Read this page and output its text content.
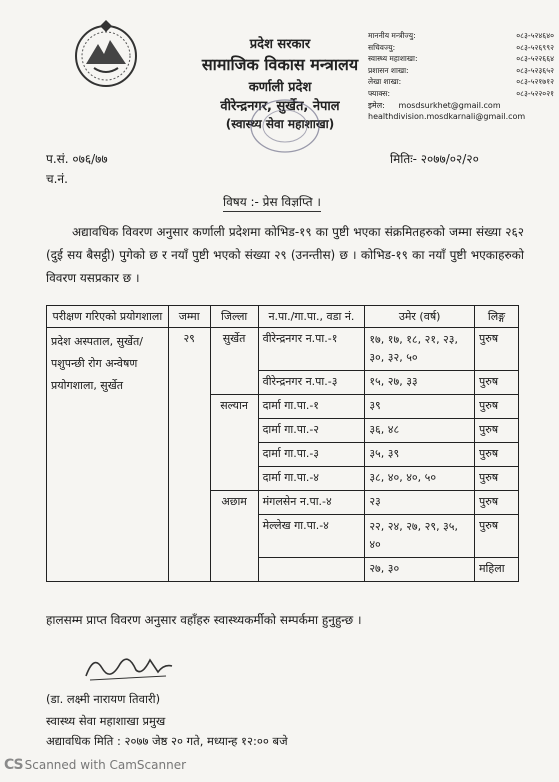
प्रदेश सरकार
सामाजिक विकास मन्त्रालय
कर्णाली प्रदेश
वीरेन्द्रनगर, सुर्खेत, नेपाल
(स्वास्थ्य सेवा महाशाखा)
माननीय मन्त्रीज्यु:	०८३-५२४६४०
सचिवज्यु:	०८३-५२६९९२
स्वास्थ्य महाशाखा:	०८३-५२२६६४
प्रशासन शाखा:	०८३-५२३६५२
लेखा शाखा:	०८३-५२१७१२
फ्याक्स:	०८३-५२२०२१
इमेल: mosdsurkhet@gmail.com
healthdivision.mosdkarnali@gmail.com
प.सं. ०७६/७७
च.नं.
मितिः- २०७७/०२/२०
विषय :- प्रेस विज्ञप्ति ।
अद्यावधिक विवरण अनुसार कर्णाली प्रदेशमा कोभिड-१९ का पुष्टी भएका संक्रमितहरुको जम्मा संख्या २६२ (दुई सय बैसट्ठी) पुगेको छ र नयाँ पुष्टी भएको संख्या २९ (उनन्तीस) छ । कोभिड-१९ का नयाँ पुष्टी भएकाहरुको विवरण यसप्रकार छ ।
परीक्षण गरिएको प्रयोगशाला	जम्मा	जिल्ला	न.पा./गा.पा., वडा नं.	उमेर (वर्ष)	लिङ्ग
प्रदेश अस्पताल, सुर्खेत/ पशुपन्छी रोग अन्वेषण प्रयोगशाला, सुर्खेत	२९	सुर्खेत	वीरेन्द्रनगर न.पा.-१	१७, १७, १८, २१, २३, ३०, ३२, ५०	पुरुष
			वीरेन्द्रनगर न.पा.-३	१५, २७, ३३	पुरुष
		सल्यान	दार्मा गा.पा.-१	३९	पुरुष
			दार्मा गा.पा.-२	३६, ४८	पुरुष
			दार्मा गा.पा.-३	३५, ३९	पुरुष
			दार्मा गा.पा.-४	३८, ४०, ४०, ५०	पुरुष
		अछाम	मंगलसेन न.पा.-४	२३	पुरुष
			मेल्लेख गा.पा.-४	२२, २४, २७, २९, ३५, ४०	पुरुष
				२७, ३०	महिला
हालसम्म प्राप्त विवरण अनुसार वहाँहरु स्वास्थ्यकर्मीको सम्पर्कमा हुनुहुन्छ ।
(डा. लक्ष्मी नारायण तिवारी)
स्वास्थ्य सेवा महाशाखा प्रमुख
अद्यावधिक मिति : २०७७ जेष्ठ २० गते, मध्यान्ह १२:०० बजे
CS Scanned with CamScanner
